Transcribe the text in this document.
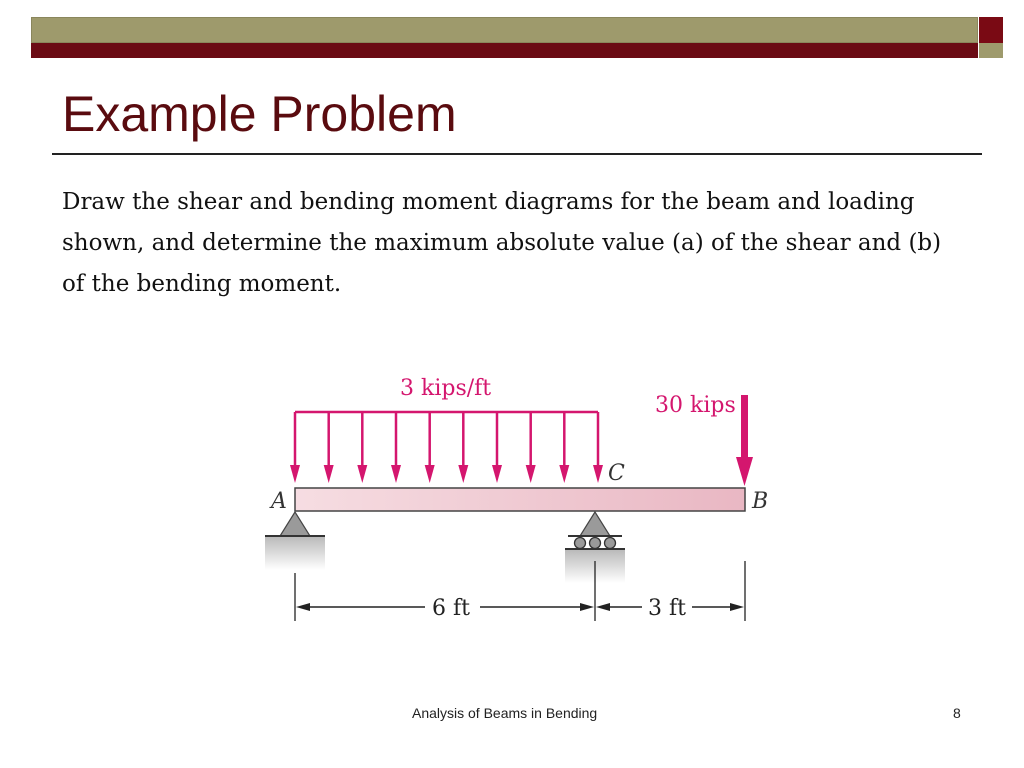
Example Problem

Draw the shear and bending moment diagrams for the beam and loading shown, and determine the maximum absolute value (a) of the shear and (b) of the bending moment.

3 kips/ft
30 kips
C
A	B
6 ft	3 ft
Analysis of Beams in Bending	8
